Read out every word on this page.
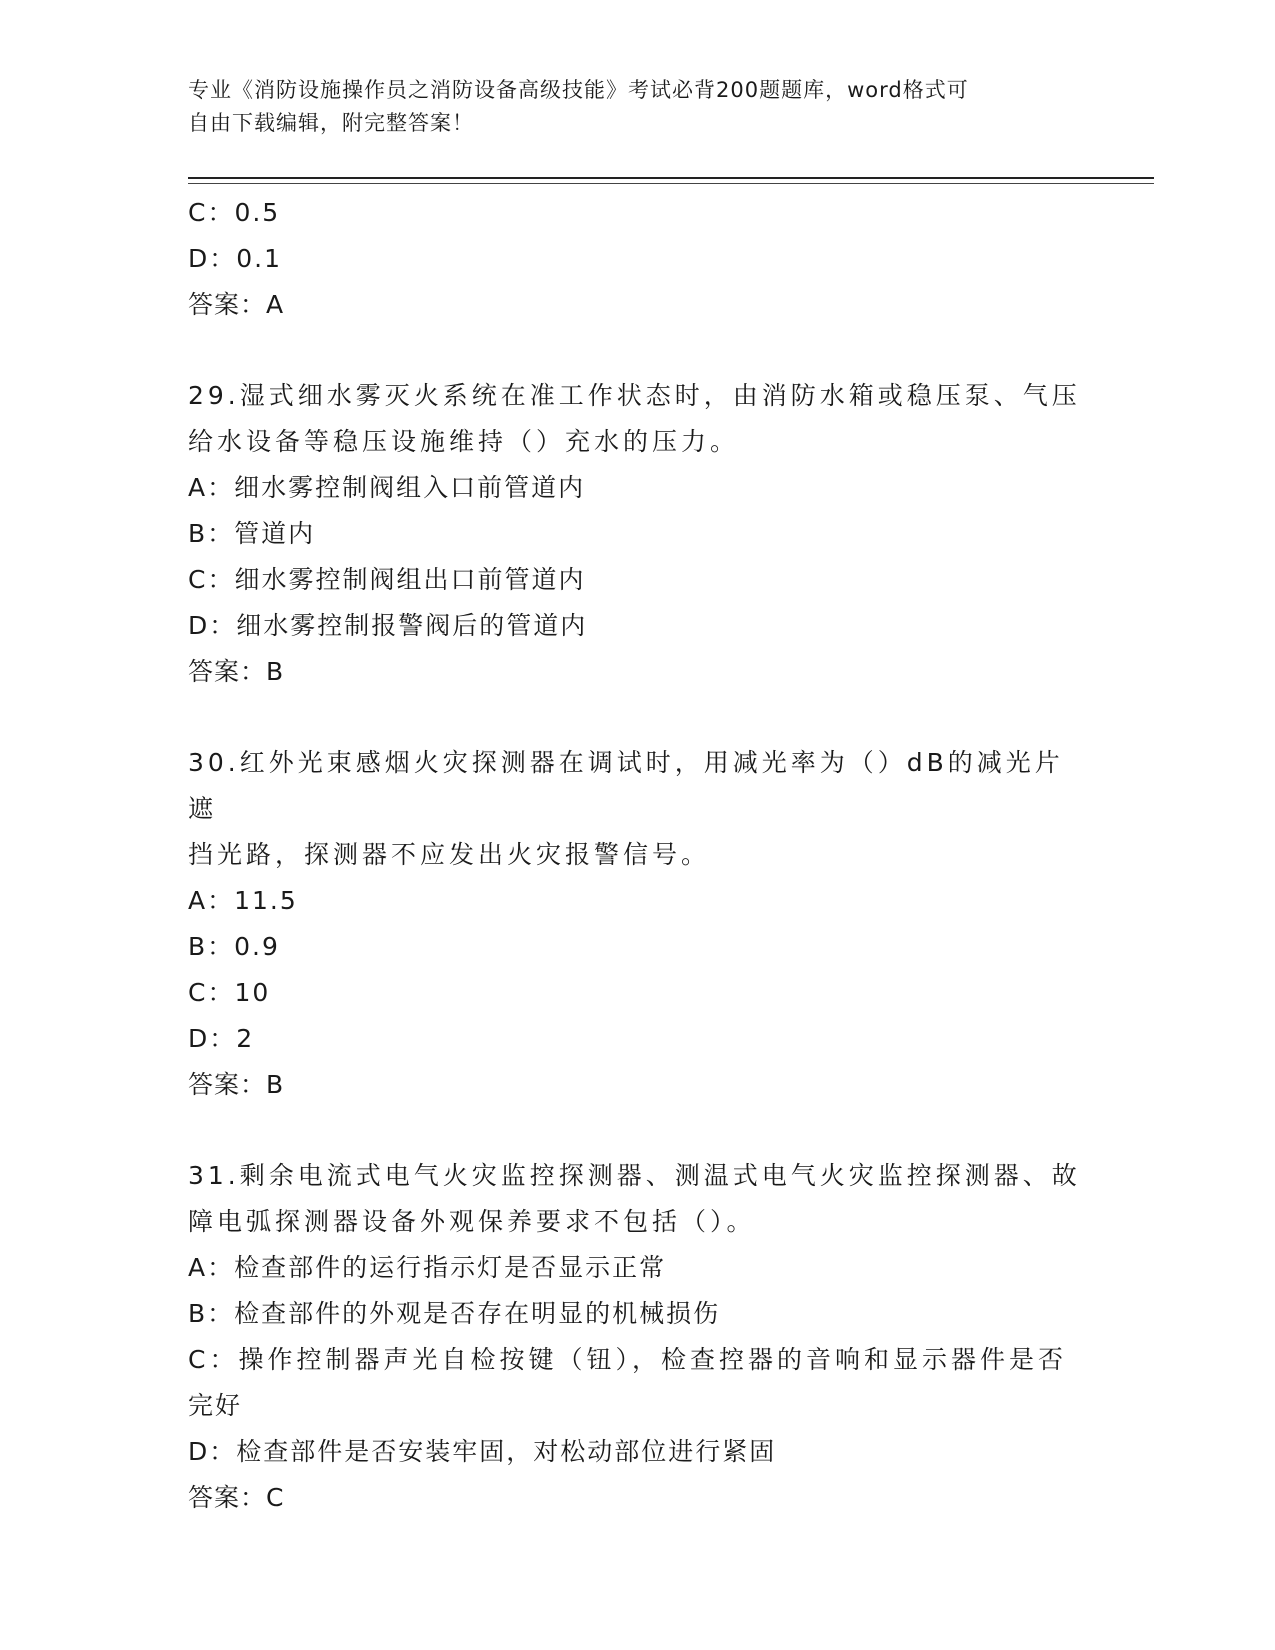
专业《消防设施操作员之消防设备高级技能》考试必背200题题库，word格式可
自由下载编辑，附完整答案！
C：0.5
D：0.1
答案：A
29.湿式细水雾灭火系统在准工作状态时，由消防水箱或稳压泵、气压
给水设备等稳压设施维持（）充水的压力。
A：细水雾控制阀组入口前管道内
B：管道内
C：细水雾控制阀组出口前管道内
D：细水雾控制报警阀后的管道内
答案：B
30.红外光束感烟火灾探测器在调试时，用减光率为（）dB的减光片遮
挡光路，探测器不应发出火灾报警信号。
A：11.5
B：0.9
C：10
D：2
答案：B
31.剩余电流式电气火灾监控探测器、测温式电气火灾监控探测器、故
障电弧探测器设备外观保养要求不包括（）。
A：检查部件的运行指示灯是否显示正常
B：检查部件的外观是否存在明显的机械损伤
C：操作控制器声光自检按键（钮），检查控器的音响和显示器件是否
完好
D：检查部件是否安装牢固，对松动部位进行紧固
答案：C
